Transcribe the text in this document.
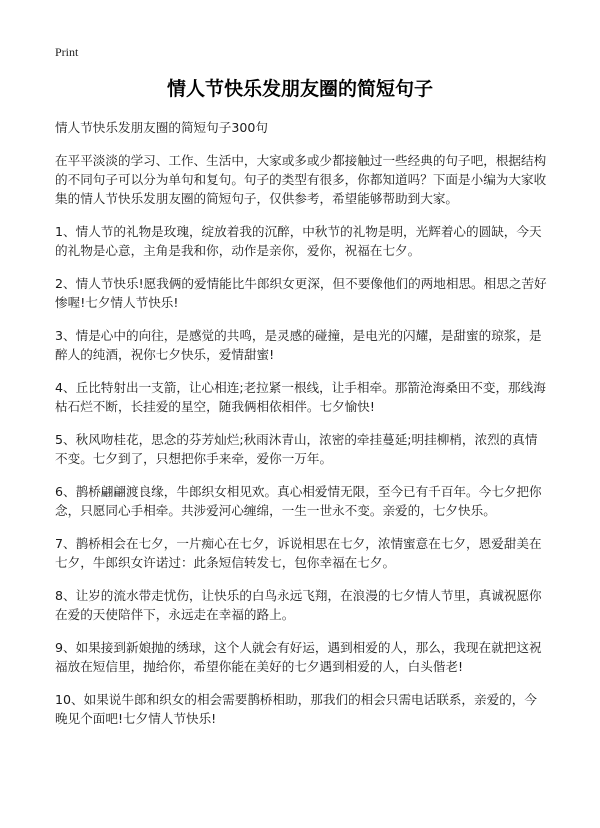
Print
情人节快乐发朋友圈的简短句子

情人节快乐发朋友圈的简短句子300句

在平平淡淡的学习、工作、生活中，大家或多或少都接触过一些经典的句子吧，根据结构的不同句子可以分为单句和复句。句子的类型有很多，你都知道吗？下面是小编为大家收集的情人节快乐发朋友圈的简短句子，仅供参考，希望能够帮助到大家。

1、情人节的礼物是玫瑰，绽放着我的沉醉，中秋节的礼物是明，光辉着心的圆缺，今天的礼物是心意，主角是我和你，动作是亲你，爱你，祝福在七夕。

2、情人节快乐!愿我俩的爱情能比牛郎织女更深，但不要像他们的两地相思。相思之苦好惨喔!七夕情人节快乐!

3、情是心中的向往，是感觉的共鸣，是灵感的碰撞，是电光的闪耀，是甜蜜的琼浆，是醉人的纯酒，祝你七夕快乐，爱情甜蜜!

4、丘比特射出一支箭，让心相连;老拉紧一根线，让手相牵。那箭沧海桑田不变，那线海枯石烂不断，长挂爱的星空，随我俩相依相伴。七夕愉快!

5、秋风吻桂花，思念的芬芳灿烂;秋雨沐青山，浓密的牵挂蔓延;明挂柳梢，浓烈的真情不变。七夕到了，只想把你手来牵，爱你一万年。

6、鹊桥翩翩渡良缘，牛郎织女相见欢。真心相爱情无限，至今已有千百年。今七夕把你念，只愿同心手相牵。共涉爱河心缠绵，一生一世永不变。亲爱的，七夕快乐。

7、鹊桥相会在七夕，一片痴心在七夕，诉说相思在七夕，浓情蜜意在七夕，恩爱甜美在七夕，牛郎织女许诺过：此条短信转发七，包你幸福在七夕。

8、让岁的流水带走忧伤，让快乐的白鸟永远飞翔，在浪漫的七夕情人节里，真诚祝愿你在爱的天使陪伴下，永远走在幸福的路上。

9、如果接到新娘抛的绣球，这个人就会有好运，遇到相爱的人，那么，我现在就把这祝福放在短信里，抛给你，希望你能在美好的七夕遇到相爱的人，白头偕老!

10、如果说牛郎和织女的相会需要鹊桥相助，那我们的相会只需电话联系，亲爱的，今晚见个面吧!七夕情人节快乐!
